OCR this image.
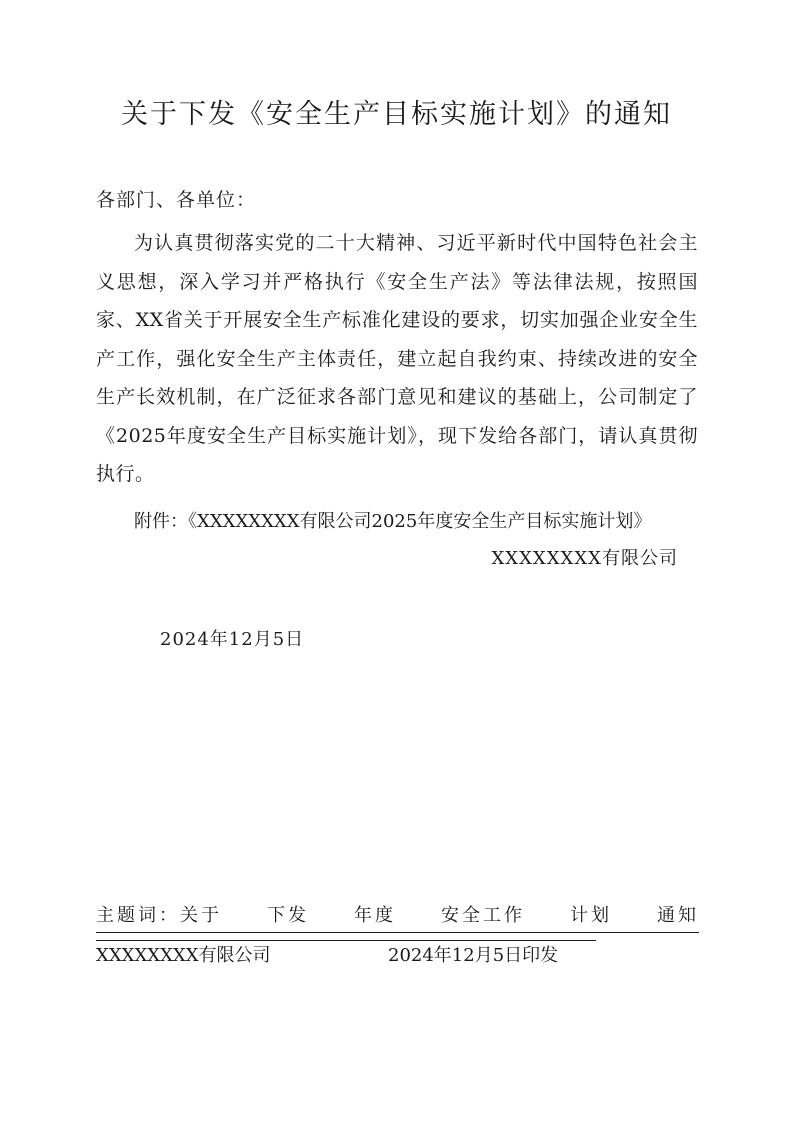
关于下发《安全生产目标实施计划》的通知
各部门、各单位：

为认真贯彻落实党的二十大精神、习近平新时代中国特色社会主义思想，深入学习并严格执行《安全生产法》等法律法规，按照国家、XX省关于开展安全生产标准化建设的要求，切实加强企业安全生产工作，强化安全生产主体责任，建立起自我约束、持续改进的安全生产长效机制，在广泛征求各部门意见和建议的基础上，公司制定了《2025年度安全生产目标实施计划》，现下发给各部门，请认真贯彻执行。

附件：《XXXXXXXX有限公司2025年度安全生产目标实施计划》
XXXXXXXX有限公司
2024年12月5日
主题词：关于	下发	年度	安全工作	计划	通知
XXXXXXXX有限公司	2024年12月5日印发
